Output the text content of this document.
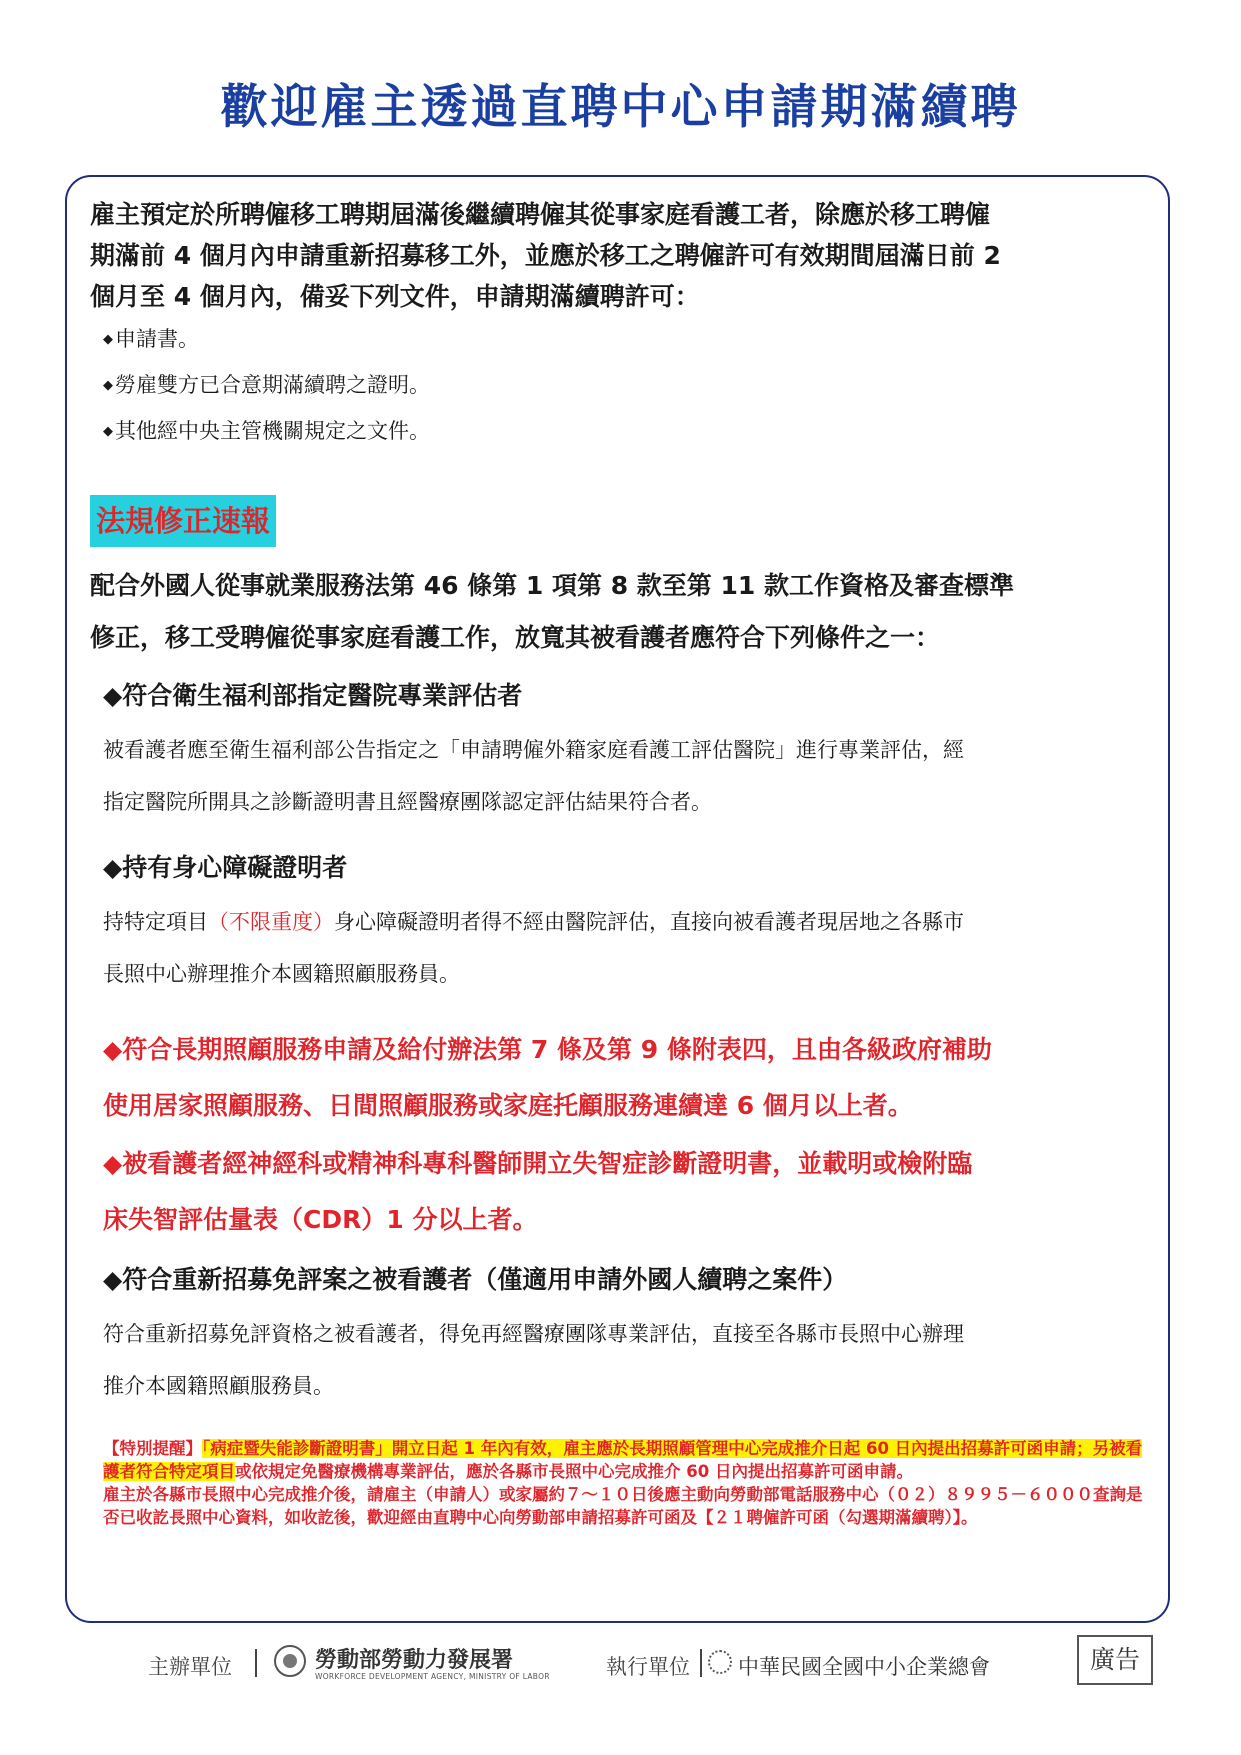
歡迎雇主透過直聘中心申請期滿續聘
雇主預定於所聘僱移工聘期屆滿後繼續聘僱其從事家庭看護工者，除應於移工聘僱
期滿前 4 個月內申請重新招募移工外，並應於移工之聘僱許可有效期間屆滿日前 2
個月至 4 個月內，備妥下列文件，申請期滿續聘許可：
◆申請書。
◆勞雇雙方已合意期滿續聘之證明。
◆其他經中央主管機關規定之文件。
法規修正速報
配合外國人從事就業服務法第 46 條第 1 項第 8 款至第 11 款工作資格及審查標準
修正，移工受聘僱從事家庭看護工作，放寬其被看護者應符合下列條件之一：
◆符合衛生福利部指定醫院專業評估者
被看護者應至衛生福利部公告指定之「申請聘僱外籍家庭看護工評估醫院」進行專業評估，經
指定醫院所開具之診斷證明書且經醫療團隊認定評估結果符合者。
◆持有身心障礙證明者
持特定項目（不限重度）身心障礙證明者得不經由醫院評估，直接向被看護者現居地之各縣市
長照中心辦理推介本國籍照顧服務員。
◆符合長期照顧服務申請及給付辦法第 7 條及第 9 條附表四，且由各級政府補助
使用居家照顧服務、日間照顧服務或家庭托顧服務連續達 6 個月以上者。
◆被看護者經神經科或精神科專科醫師開立失智症診斷證明書，並載明或檢附臨
床失智評估量表（CDR）1 分以上者。
◆符合重新招募免評案之被看護者（僅適用申請外國人續聘之案件）
符合重新招募免評資格之被看護者，得免再經醫療團隊專業評估，直接至各縣市長照中心辦理
推介本國籍照顧服務員。
【特別提醒】「病症暨失能診斷證明書」開立日起 1 年內有效，雇主應於長期照顧管理中心完成推介日起 60 日內提出招募許可函申請；另被看護者符合特定項目或依規定免醫療機構專業評估，應於各縣市長照中心完成推介 60 日內提出招募許可函申請。
雇主於各縣市長照中心完成推介後，請雇主（申請人）或家屬約７～１０日後應主動向勞動部電話服務中心（０２）８９９５－６０００查詢是否已收訖長照中心資料，如收訖後，歡迎經由直聘中心向勞動部申請招募許可函及【２１聘僱許可函（勾選期滿續聘）】。
主辦單位	勞動部勞動力發展署
WORKFORCE DEVELOPMENT AGENCY, MINISTRY OF LABOR	執行單位 中華民國全國中小企業總會	廣告
